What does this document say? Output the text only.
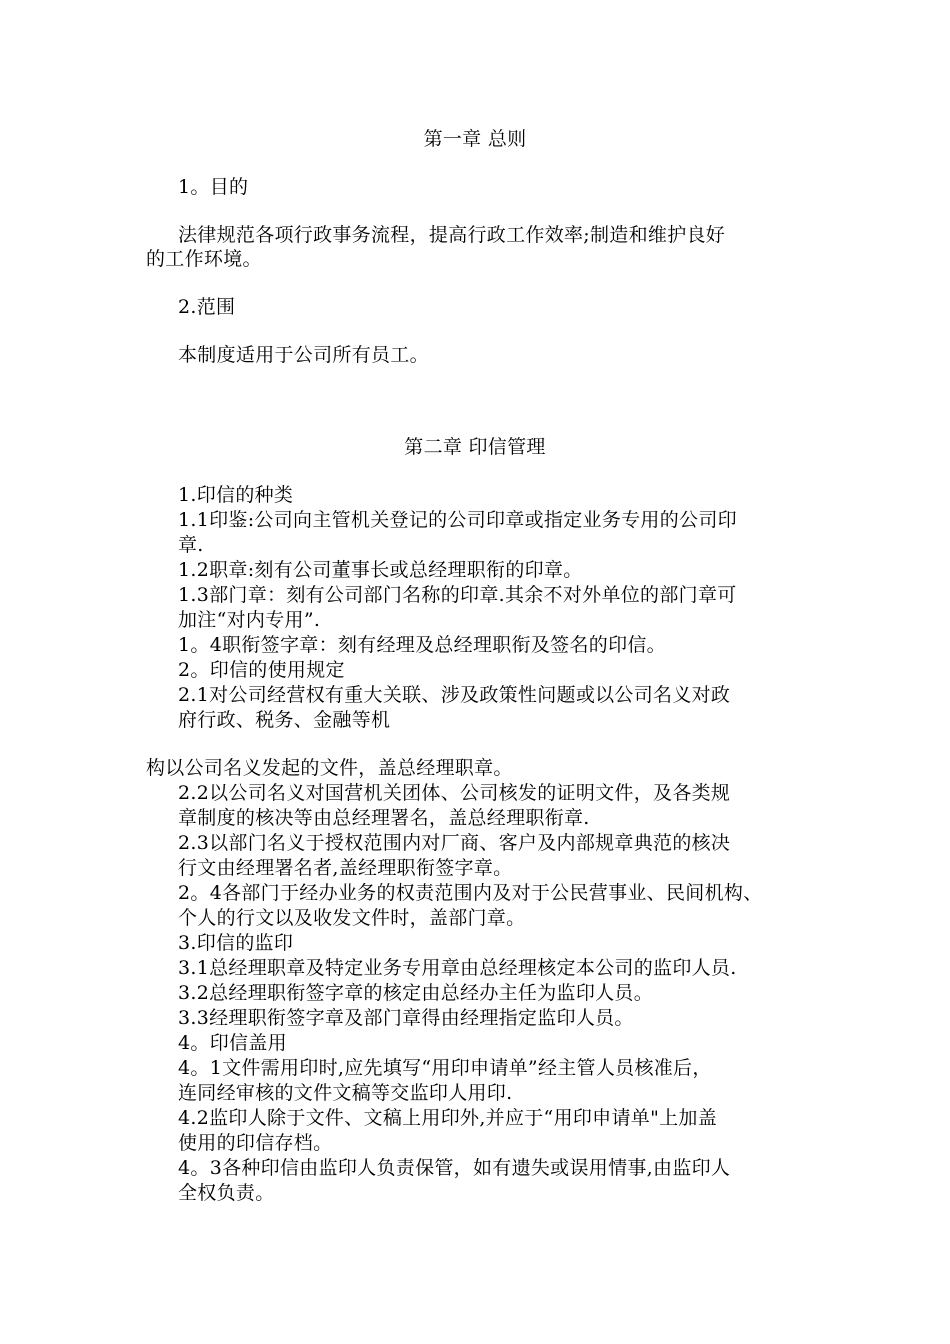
第一章 总则
1。目的
法律规范各项行政事务流程，提高行政工作效率;制造和维护良好
的工作环境。
2.范围
本制度适用于公司所有员工。
第二章 印信管理
1.印信的种类
1.1印鉴:公司向主管机关登记的公司印章或指定业务专用的公司印
章.
1.2职章:刻有公司董事长或总经理职衔的印章。
1.3部门章：刻有公司部门名称的印章.其余不对外单位的部门章可
加注“对内专用”.
1。4职衔签字章：刻有经理及总经理职衔及签名的印信。
2。印信的使用规定
2.1对公司经营权有重大关联、涉及政策性问题或以公司名义对政
府行政、税务、金融等机
构以公司名义发起的文件，盖总经理职章。
2.2以公司名义对国营机关团体、公司核发的证明文件，及各类规
章制度的核决等由总经理署名，盖总经理职衔章.
2.3以部门名义于授权范围内对厂商、客户及内部规章典范的核决
行文由经理署名者,盖经理职衔签字章。
2。4各部门于经办业务的权责范围内及对于公民营事业、民间机构、
个人的行文以及收发文件时，盖部门章。
3.印信的监印
3.1总经理职章及特定业务专用章由总经理核定本公司的监印人员.
3.2总经理职衔签字章的核定由总经办主任为监印人员。
3.3经理职衔签字章及部门章得由经理指定监印人员。
4。印信盖用
4。1文件需用印时,应先填写“用印申请单”经主管人员核准后，
连同经审核的文件文稿等交监印人用印.
4.2监印人除于文件、文稿上用印外,并应于“用印申请单"上加盖
使用的印信存档。
4。3各种印信由监印人负责保管，如有遗失或误用情事,由监印人
全权负责。
